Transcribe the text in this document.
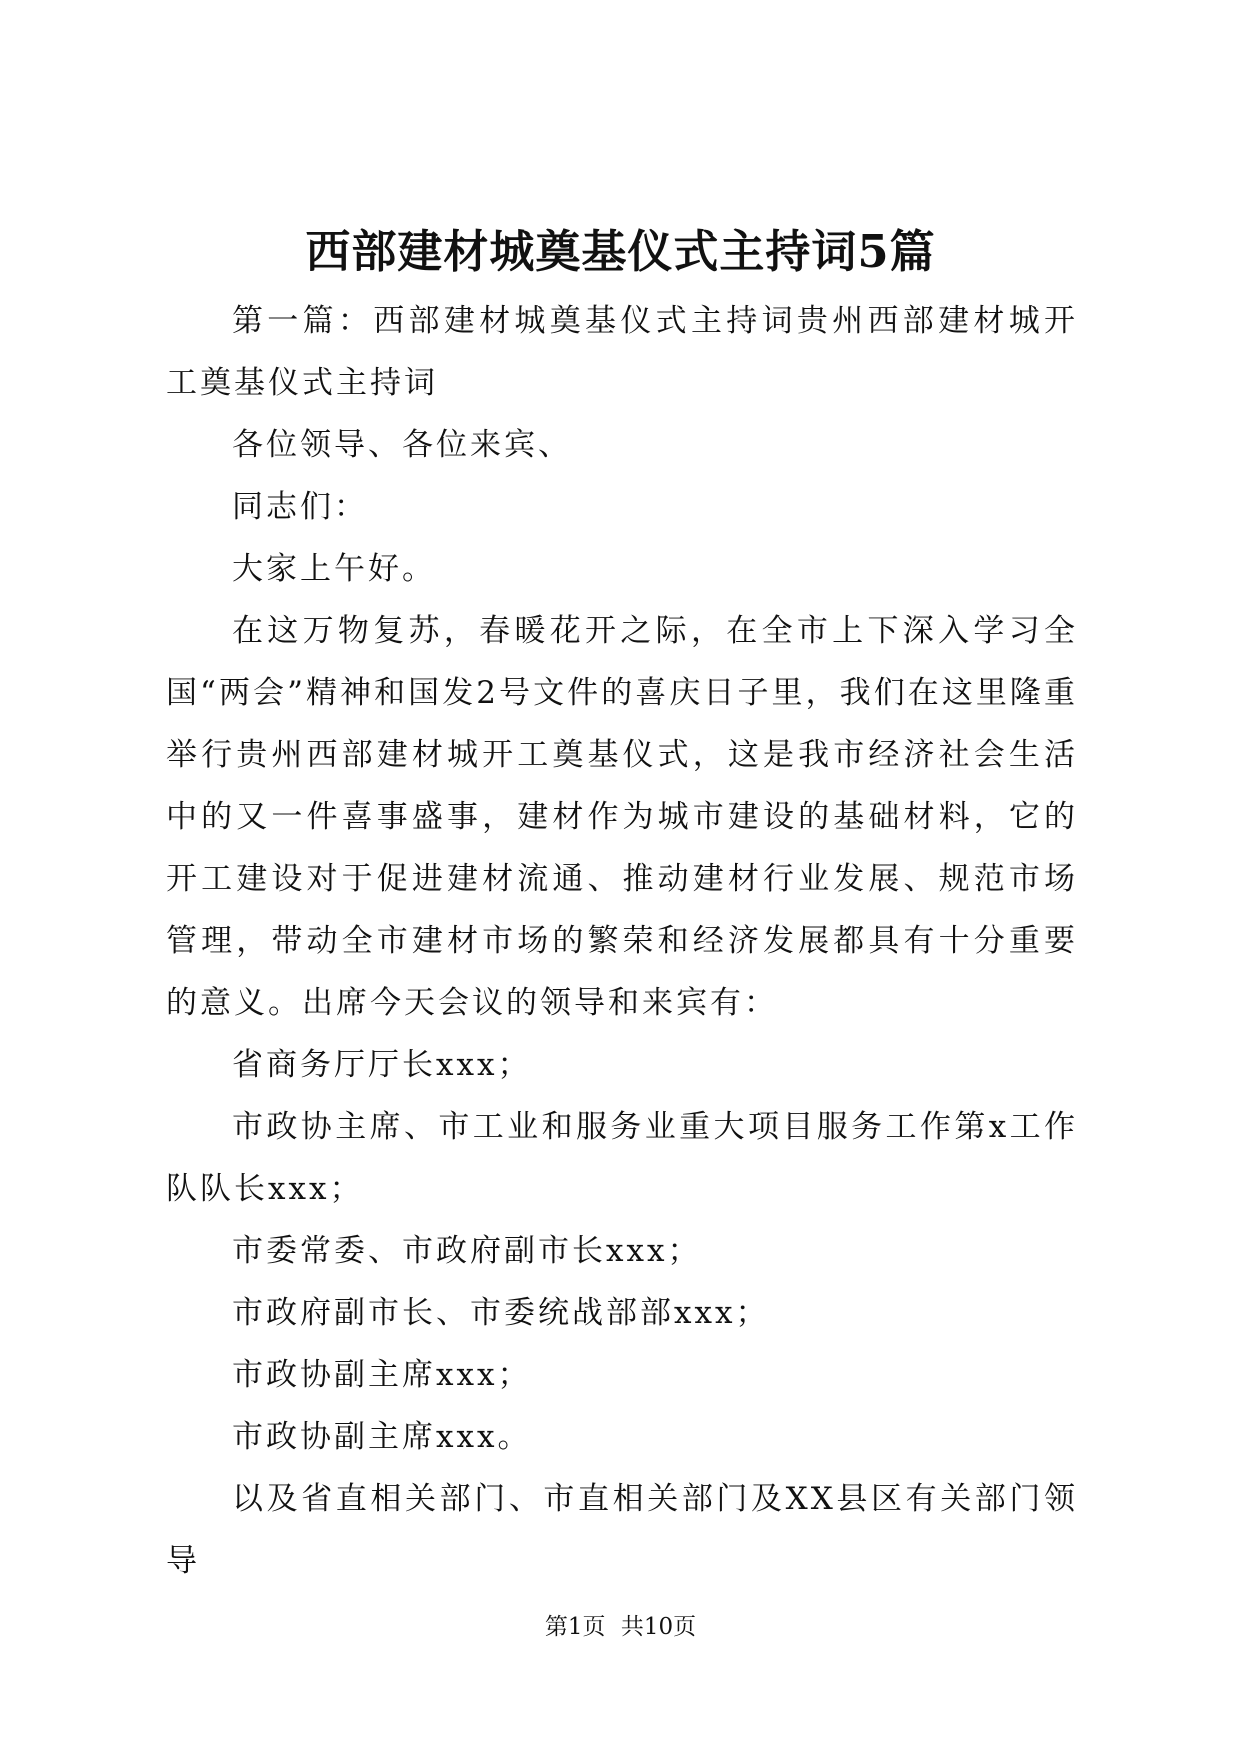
西部建材城奠基仪式主持词5篇

第一篇：西部建材城奠基仪式主持词贵州西部建材城开工奠基仪式主持词

各位领导、各位来宾、

同志们：

大家上午好。

在这万物复苏，春暖花开之际，在全市上下深入学习全国“两会”精神和国发2号文件的喜庆日子里，我们在这里隆重举行贵州西部建材城开工奠基仪式，这是我市经济社会生活中的又一件喜事盛事，建材作为城市建设的基础材料，它的开工建设对于促进建材流通、推动建材行业发展、规范市场管理，带动全市建材市场的繁荣和经济发展都具有十分重要的意义。出席今天会议的领导和来宾有：

省商务厅厅长xxx；

市政协主席、市工业和服务业重大项目服务工作第x工作队队长xxx；

市委常委、市政府副市长xxx；

市政府副市长、市委统战部部xxx；

市政协副主席xxx；

市政协副主席xxx。

以及省直相关部门、市直相关部门及XX县区有关部门领导

第1页 共10页
